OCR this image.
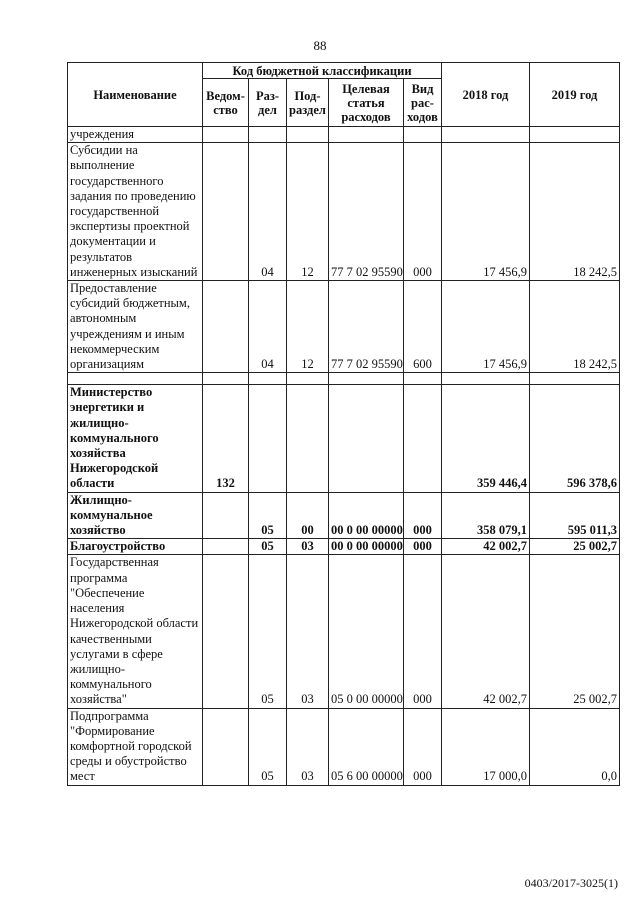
88
Наименование	Код бюджетной классификации					2018 год	2019 год
	Ведом-ство	Раз-дел	Под-раздел	Целевая статья расходов	Вид рас-ходов		
учреждения							
Субсидии на выполнение государственного задания по проведению государственной экспертизы проектной документации и результатов инженерных изысканий		04	12	77 7 02 95590	000	17 456,9	18 242,5
Предоставление субсидий бюджетным, автономным учреждениям и иным некоммерческим организациям		04	12	77 7 02 95590	600	17 456,9	18 242,5

Министерство энергетики и жилищно-коммунального хозяйства Нижегородской области	132					359 446,4	596 378,6
Жилищно-коммунальное хозяйство		05	00	00 0 00 00000	000	358 079,1	595 011,3
Благоустройство		05	03	00 0 00 00000	000	42 002,7	25 002,7
Государственная программа "Обеспечение населения Нижегородской области качественными услугами в сфере жилищно-коммунального хозяйства"		05	03	05 0 00 00000	000	42 002,7	25 002,7
Подпрограмма "Формирование комфортной городской среды и обустройство мест		05	03	05 6 00 00000	000	17 000,0	0,0
0403/2017-3025(1)
